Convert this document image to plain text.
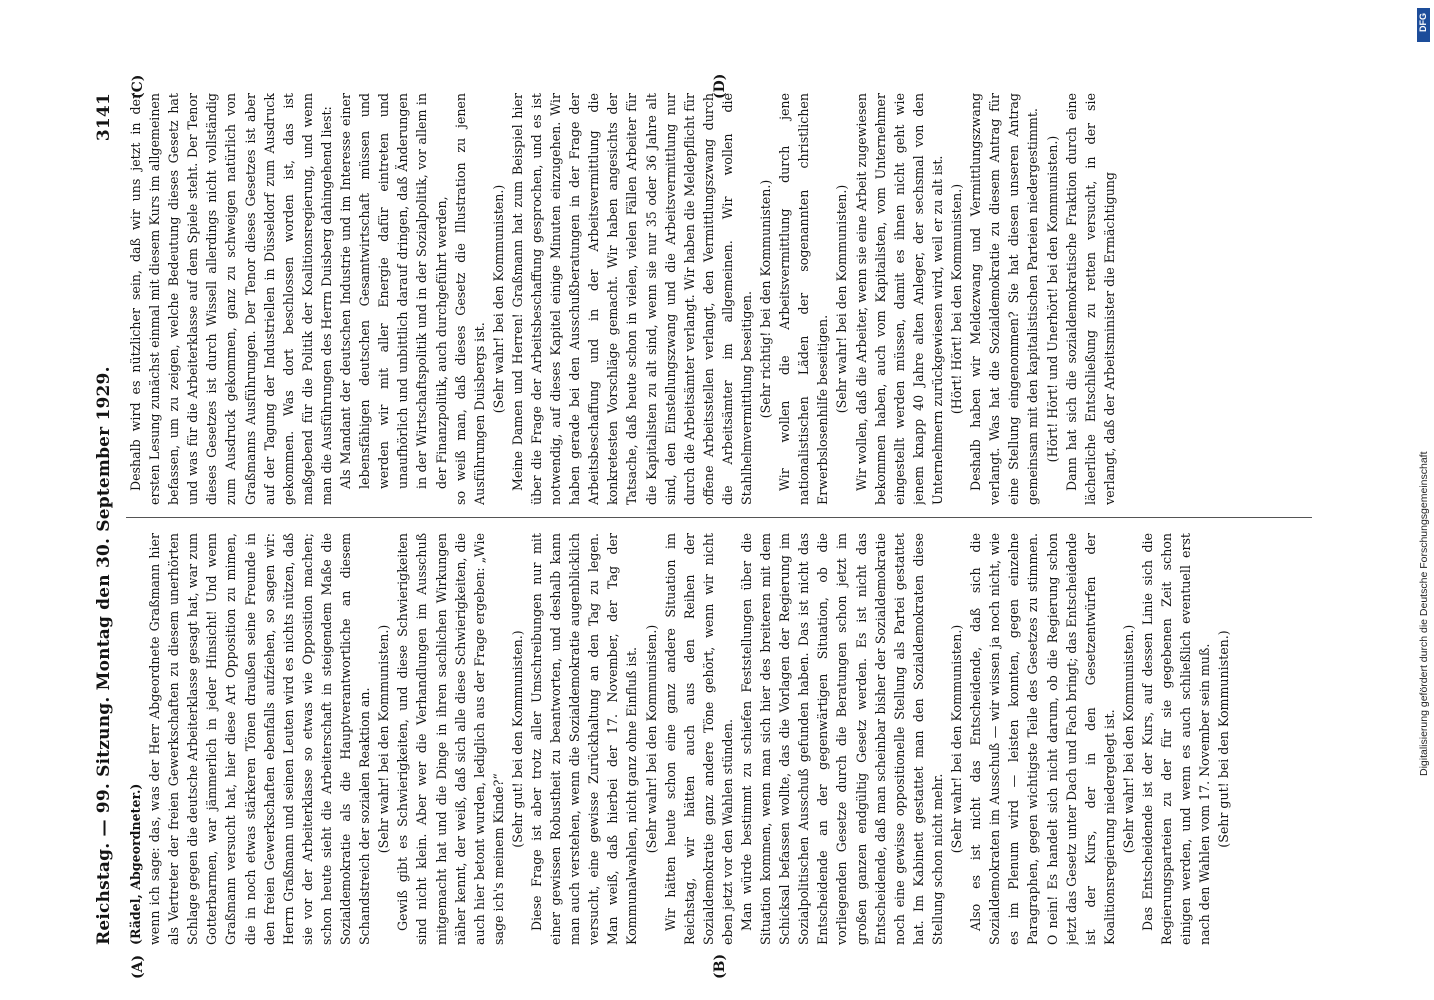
Reichstag. — 99. Sitzung. Montag den 30. September 1929.
3141
(A)	(B)
(C)	(D)

(Rädel, Abgeordneter.) wenn ich sage: das, was der Herr Abgeordnete Graßmann hier als Vertreter der freien Gewerkschaften zu diesem unerhörten Schlage gegen die deutsche Arbeiterklasse gesagt hat, war zum Gotterbarmen, war jämmerlich in jeder Hinsicht! Und wenn Graßmann versucht hat, hier diese Art Opposition zu mimen, die in noch etwas stärkeren Tönen draußen seine Freunde in den freien Gewerkschaften ebenfalls aufziehen, so sagen wir: Herrn Graßmann und seinen Leuten wird es nichts nützen, daß sie vor der Arbeiterklasse so etwas wie Opposition machen; schon heute sieht die Arbeiterschaft in steigendem Maße die Sozialdemokratie als die Hauptverantwortliche an diesem Schandstreich der sozialen Reaktion an. (Sehr wahr! bei den Kommunisten.) Gewiß gibt es Schwierigkeiten, und diese Schwierigkeiten sind nicht klein. Aber wer die Verhandlungen im Ausschuß mitgemacht hat und die Dinge in ihren sachlichen Wirkungen näher kennt, der weiß, daß sich alle diese Schwierigkeiten, die auch hier betont wurden, lediglich aus der Frage ergeben: „Wie sage ich's meinem Kinde?“

(Sehr gut! bei den Kommunisten.) Diese Frage ist aber trotz aller Umschreibungen nur mit einer gewissen Robustheit zu beantworten, und deshalb kann man auch verstehen, wenn die Sozialdemokratie augenblicklich versucht, eine gewisse Zurückhaltung an den Tag zu legen. Man weiß, daß hierbei der 17. November, der Tag der Kommunalwahlen, nicht ganz ohne Einfluß ist. (Sehr wahr! bei den Kommunisten.) Wir hätten heute schon eine ganz andere Situation im Reichstag, wir hätten auch aus den Reihen der Sozialdemokratie ganz andere Töne gehört, wenn wir nicht eben jetzt vor den Wahlen stünden. Man würde bestimmt zu schiefen Feststellungen über die Situation kommen, wenn man sich hier des breiteren mit dem Schicksal befassen wollte, das die Vorlagen der Regierung im Sozialpolitischen Ausschuß gefunden haben. Das ist nicht das Entscheidende an der gegenwärtigen Situation, ob die vorliegenden Gesetze durch die Beratungen schon jetzt im großen ganzen endgültig Gesetz werden. Es ist nicht das Entscheidende, daß man scheinbar bisher der Sozialdemokratie noch eine gewisse oppositionelle Stellung als Partei gestattet hat. Im Kabinett gestattet man den Sozialdemokraten diese Stellung schon nicht mehr.

(Sehr wahr! bei den Kommunisten.) Also es ist nicht das Entscheidende, daß sich die Sozialdemokraten im Ausschuß — wir wissen ja noch nicht, wie es im Plenum wird — leisten konnten, gegen einzelne Paragraphen, gegen wichtigste Teile des Gesetzes zu stimmen. O nein! Es handelt sich nicht darum, ob die Regierung schon jetzt das Gesetz unter Dach und Fach bringt; das Entscheidende ist der Kurs, der in den Gesetzentwürfen der Koalitionsregierung niedergelegt ist. (Sehr wahr! bei den Kommunisten.) Das Entscheidende ist der Kurs, auf dessen Linie sich die Regierungsparteien zu der für sie gegebenen Zeit schon einigen werden, und wenn es auch schließlich eventuell erst nach den Wahlen vom 17. November sein muß. (Sehr gut! bei den Kommunisten.)

Deshalb wird es nützlicher sein, daß wir uns jetzt in der ersten Lesung zunächst einmal mit diesem Kurs im allgemeinen befassen, um zu zeigen, welche Bedeutung dieses Gesetz hat und was für die Arbeiterklasse auf dem Spiele steht. Der Tenor dieses Gesetzes ist durch Wissell allerdings nicht vollständig zum Ausdruck gekommen, ganz zu schweigen natürlich von Graßmanns Ausführungen. Der Tenor dieses Gesetzes ist aber auf der Tagung der Industriellen in Düsseldorf zum Ausdruck gekommen. Was dort beschlossen worden ist, das ist maßgebend für die Politik der Koalitionsregierung, und wenn man die Ausführungen des Herrn Duisberg dahingehend liest: Als Mandant der deutschen Industrie und im Interesse einer lebensfähigen deutschen Gesamtwirtschaft müssen und werden wir mit aller Energie dafür eintreten und unaufhörlich und unbittlich darauf dringen, daß Änderungen in der Wirtschaftspolitik und in der Sozialpolitik, vor allem in der Finanzpolitik, auch durchgeführt werden, so weiß man, daß dieses Gesetz die Illustration zu jenen Ausführungen Duisbergs ist.

(Sehr wahr! bei den Kommunisten.) Meine Damen und Herren! Graßmann hat zum Beispiel hier über die Frage der Arbeitsbeschaffung gesprochen, und es ist notwendig, auf dieses Kapitel einige Minuten einzugehen. Wir haben gerade bei den Ausschußberatungen in der Frage der Arbeitsbeschaffung und in der Arbeitsvermittlung die konkretesten Vorschläge gemacht. Wir haben angesichts der Tatsache, daß heute schon in vielen, vielen Fällen Arbeiter für die Kapitalisten zu alt sind, wenn sie nur 35 oder 36 Jahre alt sind, den Einstellungszwang und die Arbeitsvermittlung nur durch die Arbeitsämter verlangt. Wir haben die Meldepflicht für offene Arbeitsstellen verlangt, den Vermittlungszwang durch die Arbeitsämter im allgemeinen. Wir wollen die Stahlhelmvermittlung beseitigen. (Sehr richtig! bei den Kommunisten.) Wir wollen die Arbeitsvermittlung durch jene nationalistischen Läden der sogenannten christlichen Erwerbslosenhilfe beseitigen. (Sehr wahr! bei den Kommunisten.) Wir wollen, daß die Arbeiter, wenn sie eine Arbeit zugewiesen bekommen haben, auch vom Kapitalisten, vom Unternehmer eingestellt werden müssen, damit es ihnen nicht geht wie jenem knapp 40 Jahre alten Anleger, der sechsmal von den Unternehmern zurückgewiesen wird, weil er zu alt ist. (Hört! Hört! bei den Kommunisten.) Deshalb haben wir Meldezwang und Vermittlungszwang verlangt. Was hat die Sozialdemokratie zu diesem Antrag für eine Stellung eingenommen? Sie hat diesen unseren Antrag gemeinsam mit den kapitalistischen Parteien niedergestimmt. (Hört! Hört! und Unerhört! bei den Kommunisten.) Dann hat sich die sozialdemokratische Fraktion durch eine lächerliche Entschließung zu retten versucht, in der sie verlangt, daß der Arbeitsminister die Ermächtigung

DFG
Digitalisierung gefördert durch die Deutsche Forschungsgemeinschaft
